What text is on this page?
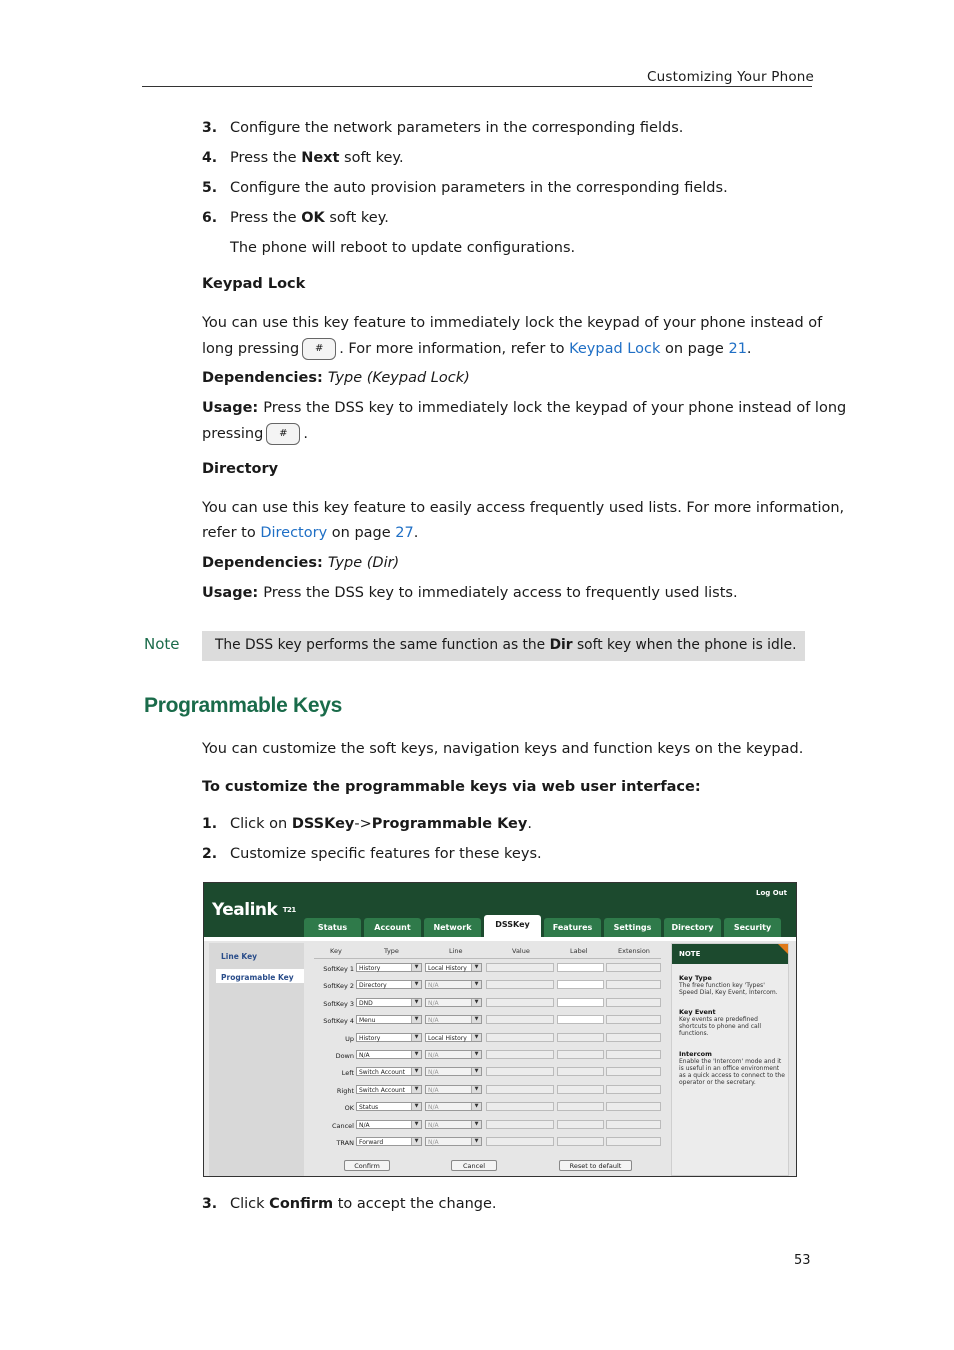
Customizing Your Phone
3. Configure the network parameters in the corresponding fields.
4. Press the Next soft key.
5. Configure the auto provision parameters in the corresponding fields.
6. Press the OK soft key.
The phone will reboot to update configurations.
Keypad Lock
You can use this key feature to immediately lock the keypad of your phone instead of
long pressing # . For more information, refer to Keypad Lock on page 21.
Dependencies: Type (Keypad Lock)
Usage: Press the DSS key to immediately lock the keypad of your phone instead of long
pressing # .
Directory
You can use this key feature to easily access frequently used lists. For more information,
refer to Directory on page 27.
Dependencies: Type (Dir)
Usage: Press the DSS key to immediately access to frequently used lists.
Note	The DSS key performs the same function as the Dir soft key when the phone is idle.
Programmable Keys
You can customize the soft keys, navigation keys and function keys on the keypad.
To customize the programmable keys via web user interface:
1. Click on DSSKey->Programmable Key.
2. Customize specific features for these keys.
Yealink T21
Log Out
Status	Account	Network	DSSKey	Features	Settings	Directory	Security
Line Key
Programable Key
Key	Type	Line	Value	Label	Extension
SoftKey 1 History	▼	Local History	▼
SoftKey 2 Directory	▼	N/A	▼
SoftKey 3 DND	▼	N/A	▼
SoftKey 4 Menu	▼	N/A	▼
Up History	▼	Local History	▼
Down N/A	▼	N/A	▼
Left Switch Account	▼	N/A	▼
Right Switch Account	▼	N/A	▼
OK Status	▼	N/A	▼
Cancel N/A	▼	N/A	▼
TRAN Forward	▼	N/A	▼
Confirm	Cancel	Reset to default
NOTE
Key Type
The free function key 'Types' Speed Dial, Key Event, Intercom.
Key Event
Key events are predefined shortcuts to phone and call functions.
Intercom
Enable the 'Intercom' mode and it is useful in an office environment as a quick access to connect to the operator or the secretary.
3. Click Confirm to accept the change.
53
